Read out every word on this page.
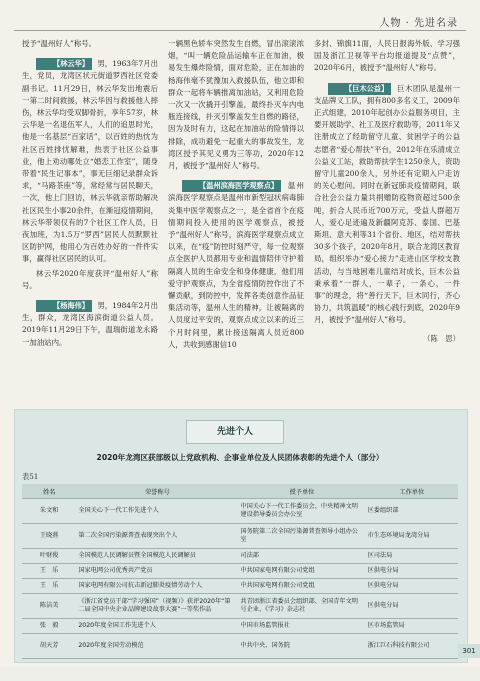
人物 · 先进名录

授予“温州好人”称号。

【林云华】 男，1963年7月出生，党员，龙湾区状元街道罗西社区党委副书记。11月29日，林云华发出地震后一第二时间救援，林云华因与救援他人摔伤，林云华均受双脚骨折，享年57岁，林云华是一名退伍军人，人们的追思时光，他是一名基层“百家话”，以百姓的热忱为社区百姓排忧解难，热衷于社区公益事业，他上劝动哪处立“婚恋工作室”，随身带着“民生记事本”，事无巨细记录群众诉求，“马路茶座”等，常经常与居民聊天，一次，他上门回访，林云华就亲帮助解决社区民生小事20余件，在渐冠疫情期间，林云华带领仅有的7个社区工作人员，日夜加班，为1.5万“罗西”居民人员默默社区防护网，他用心为百姓办好的一件件实事，赢得社区居民的认可。

林云华2020年度获评“温州好人”称号。

【杨海伟】 男，1984年2月出生，群众，龙湾区海滨街道公益人员。2019年11月29日下午，温瑞街道龙永路一加油站内。

一辆黑色轿车突然发生自燃，冒出滚滚浓烟，“叫一辆危险品运输车正在加油，极易发生爆炸险情，面对危险，正在加油的杨海伟毫不犹豫加入救援队伍，他立即和群众一起将车辆推离加油站，又利用危险一次又一次撬开引擎盖，最终扑灭车内电瓶连接线，扑灭引擎盖发生自燃的路径，因为及时有力，这起在加油站的险情得以排除，成功避免一起重大的事故发生，龙湾区授予其见义勇为三等功，2020年12月，被授予“温州好人”称号。

【温州滨海医学观察点】 温州滨海医学观察点是温州市新型冠状病毒肺炎集中医学观察点之一，是全省首个在疫情期间投入使用的医学观察点，被授予“温州好人”称号，滨海医学观察点成立以来，在“疫”防控时刻严守，每一位观察点全医护人员都用专业和温情陪伴守护着隔离人员的生命安全和身体健康，他们用爱守护观察点，为全省疫情防控作出了不懈贡献，到防控中，发挥各类创意作品征集活动等，温州人生的精神，让被隔离的人员度过平安的，观察点成立以来的近三个月时间里，累计接送隔离人员近800人，共收到感谢信10

多封、锦旗11面，人民日报海外版、学习强国及浙江卫视等平台均报道提及“点赞”，2020年6月，被授予“温州好人”称号。

【巨木公益】 巨木团队是温州一支品牌义工队，拥有800多名义工，2009年正式组建，2010年起创办公益服务项目，主要开展助学、社工及医疗救助等，2011年又注册成立了经助留守儿童、贫困学子的公益志愿者“爱心帮扶”平台，2012年在乐清成立公益义工站，救助帮扶学生1250余人，资助留守儿童200余人，另外还有定期入户走访的关心慰问。同时在新冠肺炎疫情期间，联合社会公益力量共捐赠防疫物资超过500余吨，折合人民币近700万元，受益人群超万人，爱心足迹遍及新疆阿克苏、泰国、巴基斯坦、意大利等31个省份、地区，结对帮扶30多个孩子，2020年8月，联合龙湾区教育局，组织举办“爱心接力”走进山区学校支教活动，与当地困难儿童结对成长，巨木公益秉承着“一群人，一辈子，一条心，一件事”的理念，将“善行天下，巨木同行，齐心协力，共筑温暖”的核心践行到底，2020年9月，被授予“温州好人”称号。

（陈　思）
先进个人
2020年龙湾区获部级以上党政机构、企事业单位及人民团体表彰的先进个人（部分）
表51
姓名	荣誉称号	授予单位	工作单位
朱文和	全国关心下一代工作先进个人	中国关心下一代工作委员会、中央精神文明建设指导委员会办公室	区委组织部
王晓燕	第二次全国污染源普查表现突出个人	国务院第二次全国污染源普查领导小组办公室	市生态环境局龙湾分局
叶财俊	全国模范人民调解员暨全国模范人民调解员	司法部	区司法局
王　乐	国家电网公司优秀共产党员	中共国家电网有限公司党组	区供电分局
王　乐	国家电网有限公司抗击新冠肺炎疫情劳动个人	中共国家电网有限公司党组	区供电分局
陈洁美	《浙江省党员干部“学习强国”（视频）》获评2020年“第二届全国中央企业品牌建设故事大赛”一等奖作品	共青团浙江省委员会组织部、全国青年文明号企业、《学习》杂志社	区供电分局
张　毅	2020年度全国工作先进个人	中国市场监管报社	区市场监管局
胡天芳	2020年度全国劳动模范	中共中央、国务院	浙江巨石科技有限公司
301
